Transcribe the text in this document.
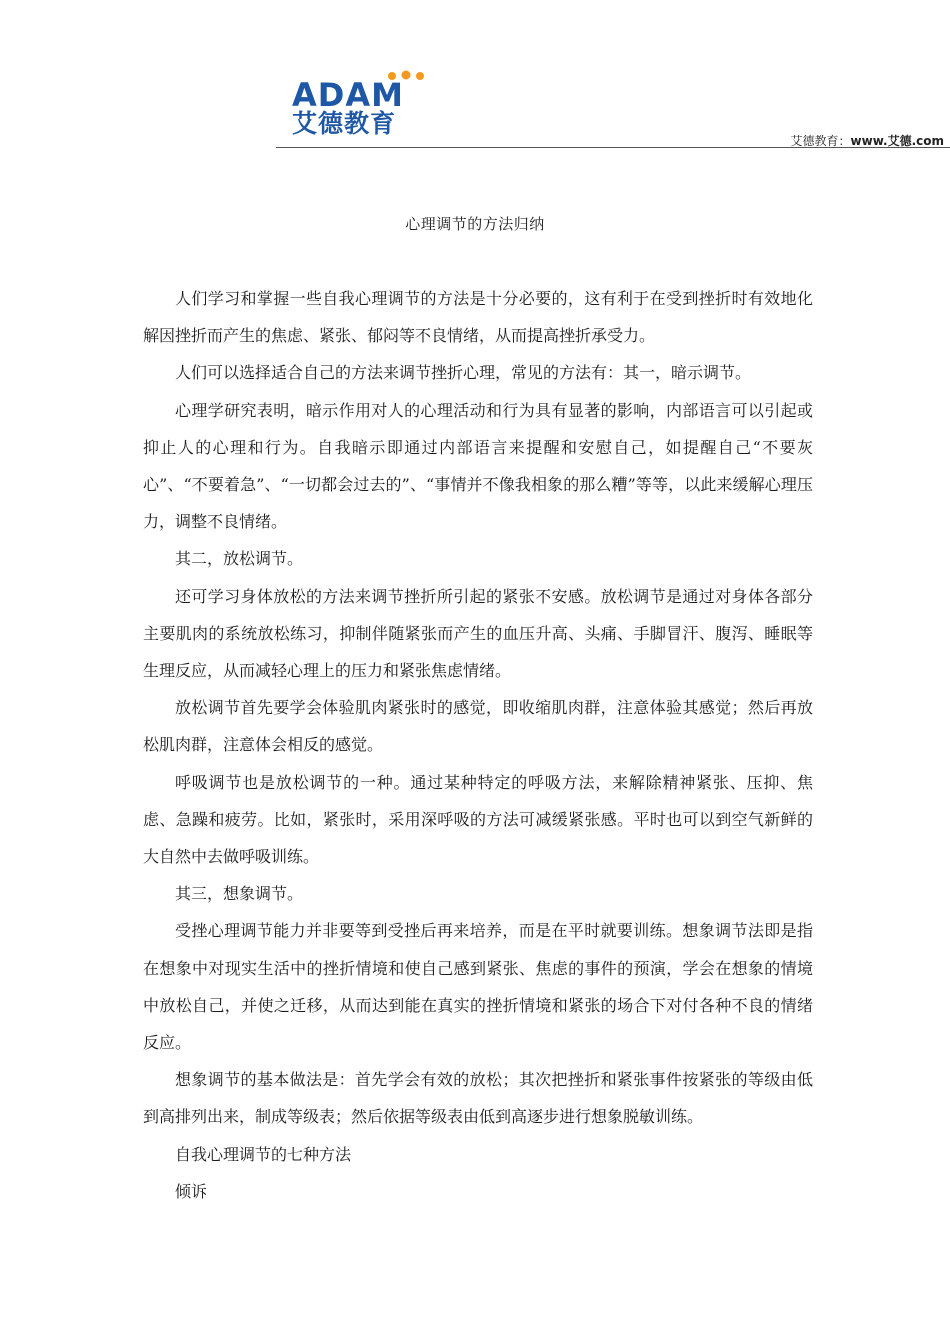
ADAM
艾德教育
艾德教育：www.艾德.com
心理调节的方法归纳

人们学习和掌握一些自我心理调节的方法是十分必要的，这有利于在受到挫折时有效地化解因挫折而产生的焦虑、紧张、郁闷等不良情绪，从而提高挫折承受力。

人们可以选择适合自己的方法来调节挫折心理，常见的方法有：其一，暗示调节。

心理学研究表明，暗示作用对人的心理活动和行为具有显著的影响，内部语言可以引起或抑止人的心理和行为。自我暗示即通过内部语言来提醒和安慰自己，如提醒自己“不要灰心”、“不要着急”、“一切都会过去的”、“事情并不像我相象的那么糟”等等，以此来缓解心理压力，调整不良情绪。

其二，放松调节。

还可学习身体放松的方法来调节挫折所引起的紧张不安感。放松调节是通过对身体各部分主要肌肉的系统放松练习，抑制伴随紧张而产生的血压升高、头痛、手脚冒汗、腹泻、睡眠等生理反应，从而减轻心理上的压力和紧张焦虑情绪。

放松调节首先要学会体验肌肉紧张时的感觉，即收缩肌肉群，注意体验其感觉；然后再放松肌肉群，注意体会相反的感觉。

呼吸调节也是放松调节的一种。通过某种特定的呼吸方法，来解除精神紧张、压抑、焦虑、急躁和疲劳。比如，紧张时，采用深呼吸的方法可减缓紧张感。平时也可以到空气新鲜的大自然中去做呼吸训练。

其三，想象调节。

受挫心理调节能力并非要等到受挫后再来培养，而是在平时就要训练。想象调节法即是指在想象中对现实生活中的挫折情境和使自己感到紧张、焦虑的事件的预演，学会在想象的情境中放松自己，并使之迁移，从而达到能在真实的挫折情境和紧张的场合下对付各种不良的情绪反应。

想象调节的基本做法是：首先学会有效的放松；其次把挫折和紧张事件按紧张的等级由低到高排列出来，制成等级表；然后依据等级表由低到高逐步进行想象脱敏训练。

自我心理调节的七种方法

倾诉
